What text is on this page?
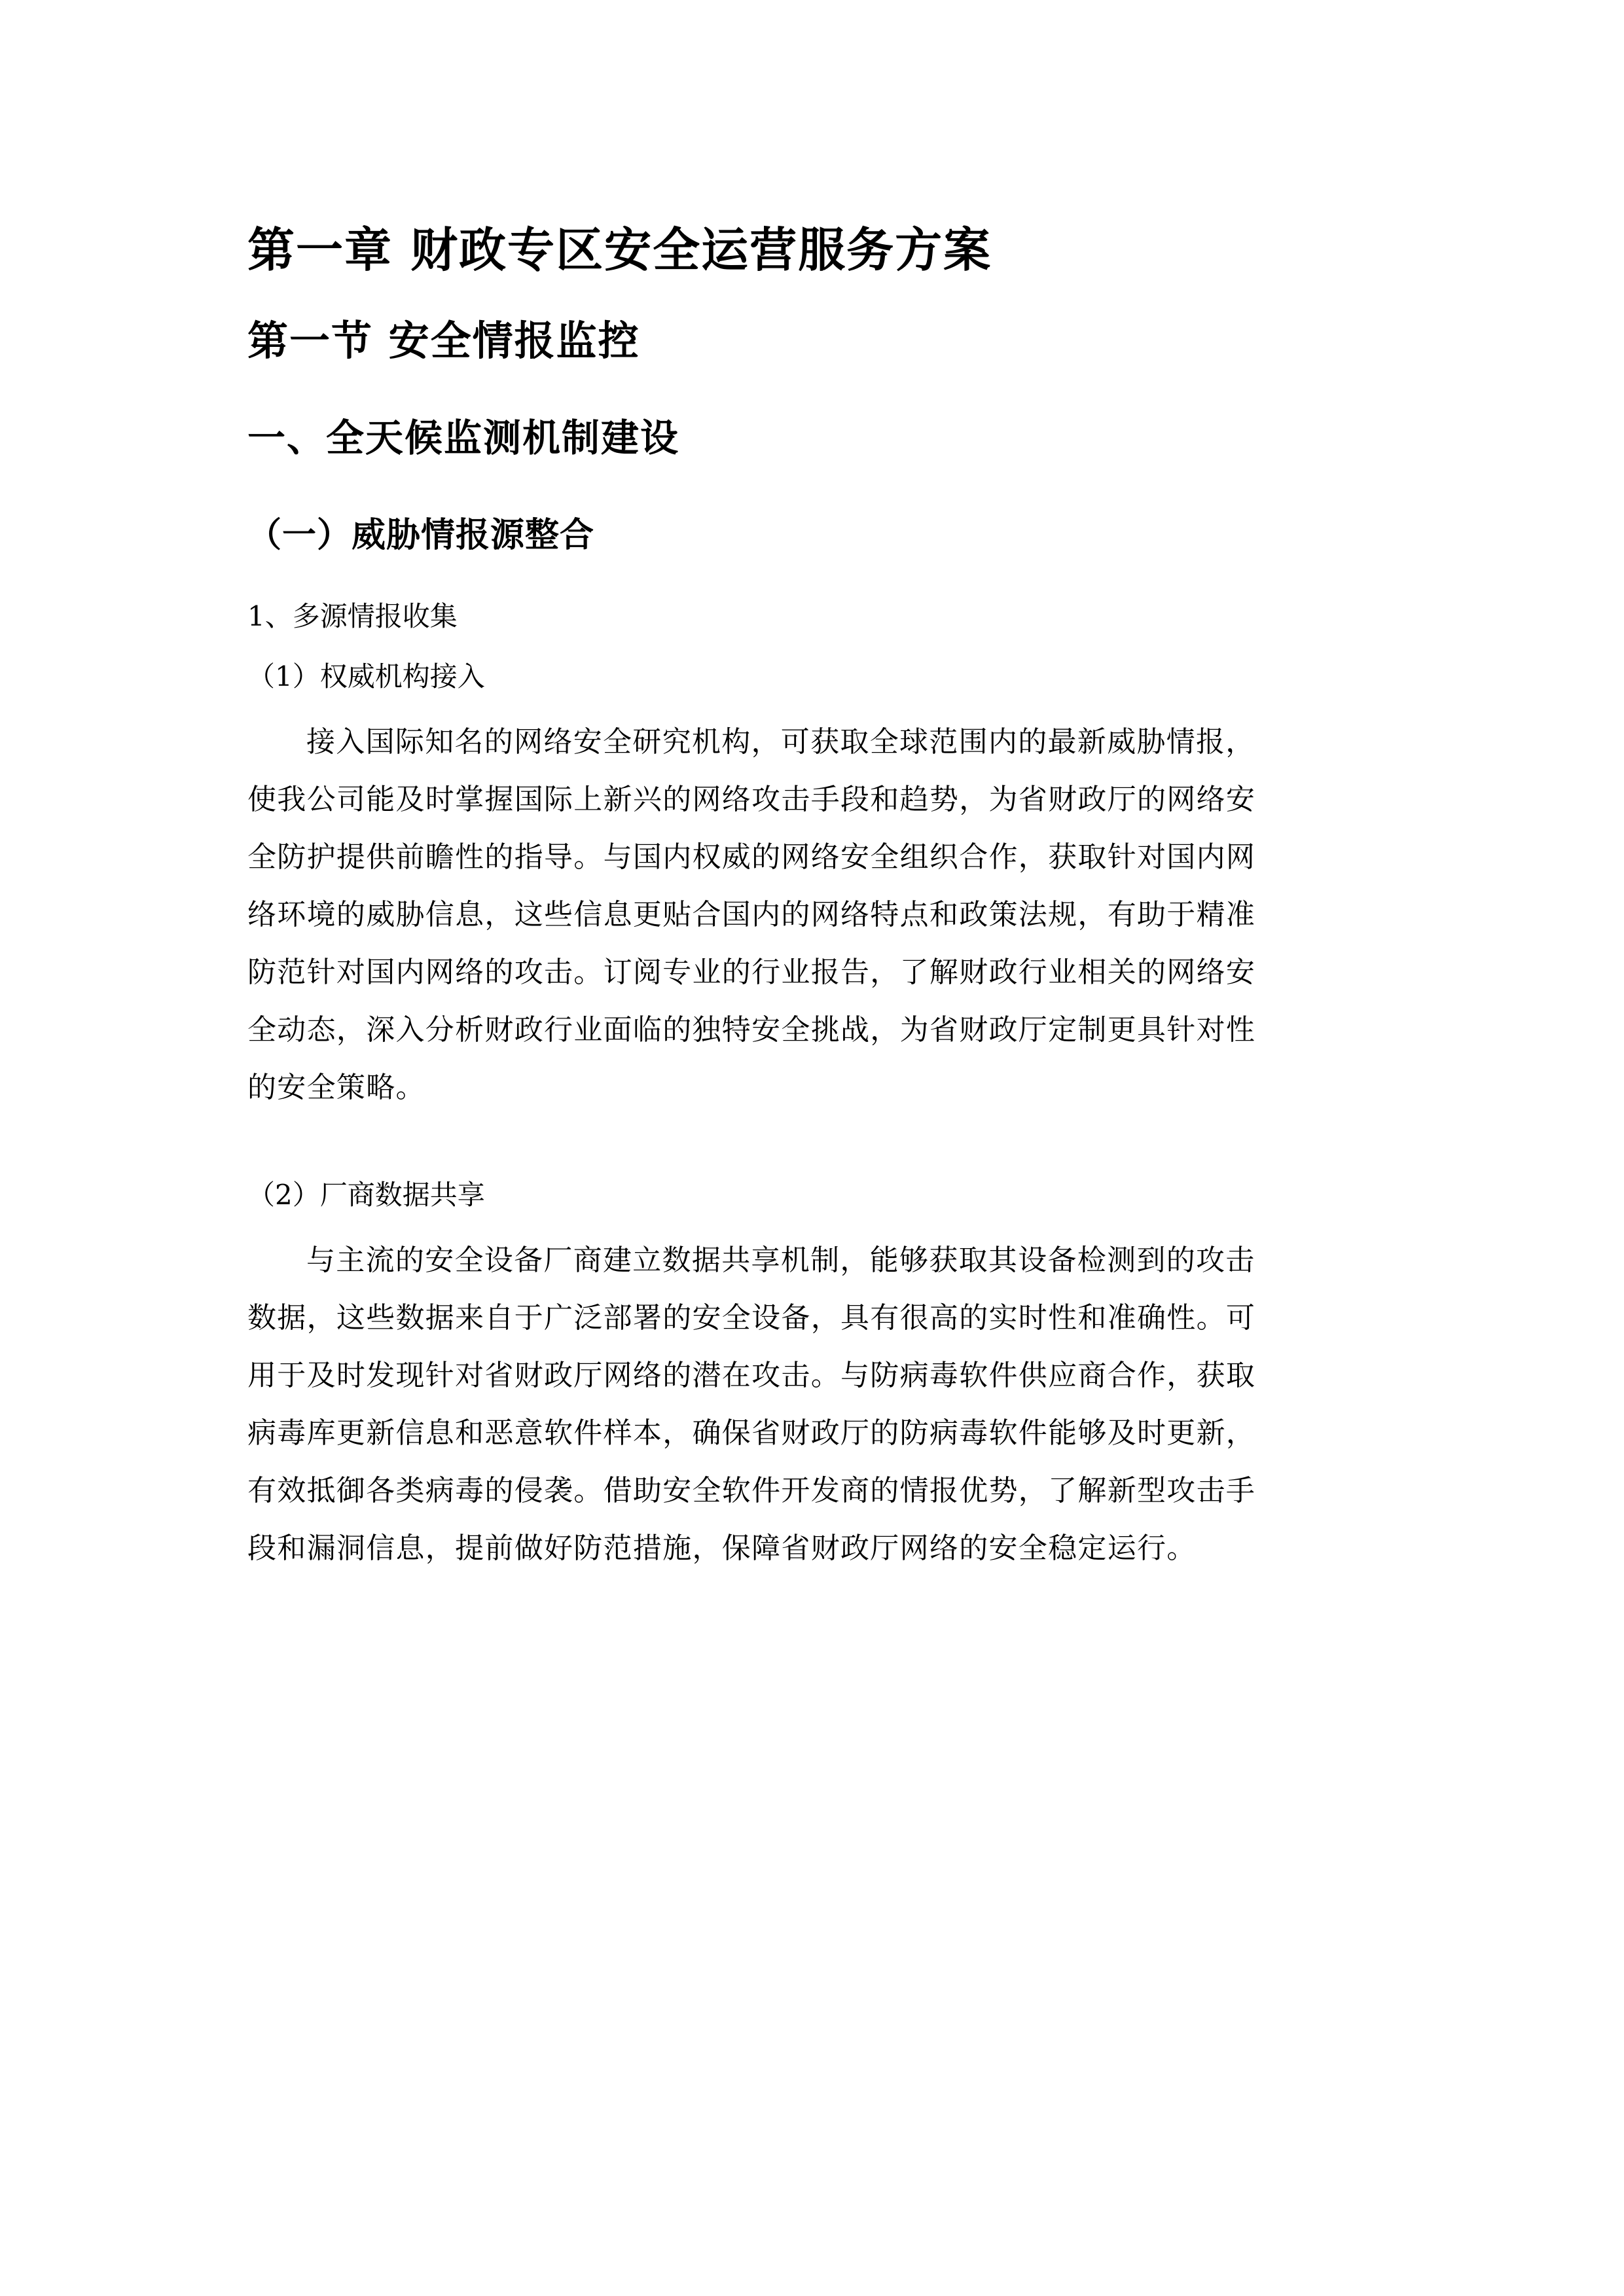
第一章 财政专区安全运营服务方案
第一节 安全情报监控
一、全天候监测机制建设
（一）威胁情报源整合
1、多源情报收集
（1）权威机构接入
接入国际知名的网络安全研究机构，可获取全球范围内的最新威胁情报，
使我公司能及时掌握国际上新兴的网络攻击手段和趋势，为省财政厅的网络安
全防护提供前瞻性的指导。与国内权威的网络安全组织合作，获取针对国内网
络环境的威胁信息，这些信息更贴合国内的网络特点和政策法规，有助于精准
防范针对国内网络的攻击。订阅专业的行业报告，了解财政行业相关的网络安
全动态，深入分析财政行业面临的独特安全挑战，为省财政厅定制更具针对性
的安全策略。
（2）厂商数据共享
与主流的安全设备厂商建立数据共享机制，能够获取其设备检测到的攻击
数据，这些数据来自于广泛部署的安全设备，具有很高的实时性和准确性。可
用于及时发现针对省财政厅网络的潜在攻击。与防病毒软件供应商合作，获取
病毒库更新信息和恶意软件样本，确保省财政厅的防病毒软件能够及时更新，
有效抵御各类病毒的侵袭。借助安全软件开发商的情报优势，了解新型攻击手
段和漏洞信息，提前做好防范措施，保障省财政厅网络的安全稳定运行。
